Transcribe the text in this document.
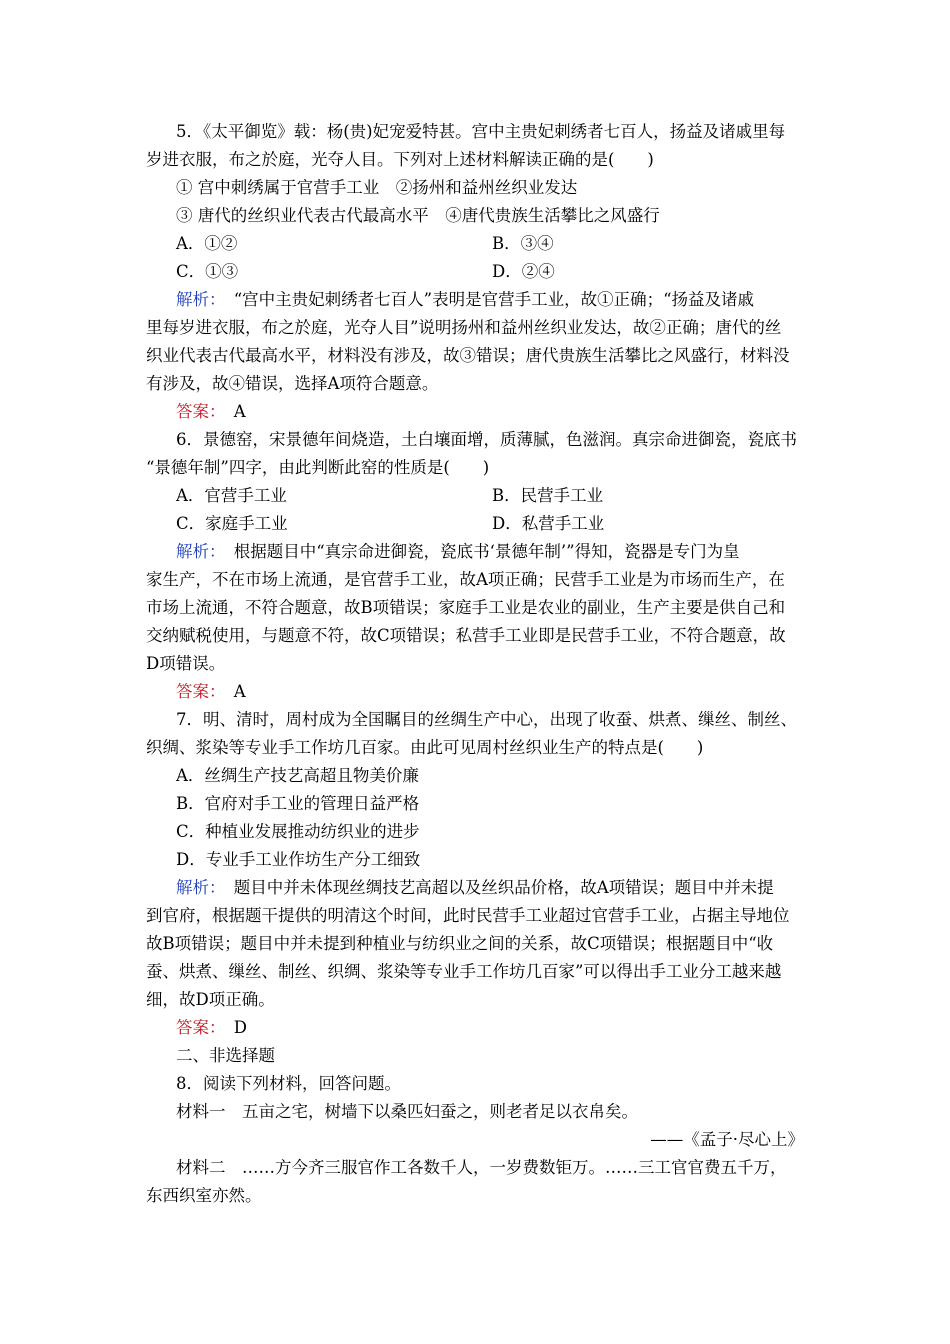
5．《太平御览》载：杨(贵)妃宠爱特甚。宫中主贵妃刺绣者七百人，扬益及诸戚里每
岁进衣服，布之於庭，光夺人目。下列对上述材料解读正确的是(　　)
① 宫中刺绣属于官营手工业　②扬州和益州丝织业发达
③ 唐代的丝织业代表古代最高水平　④唐代贵族生活攀比之风盛行
A．①②	B．③④
C．①③	D．②④
解析：　“宫中主贵妃刺绣者七百人”表明是官营手工业，故①正确；“扬益及诸戚
里每岁进衣服，布之於庭，光夺人目”说明扬州和益州丝织业发达，故②正确；唐代的丝
织业代表古代最高水平，材料没有涉及，故③错误；唐代贵族生活攀比之风盛行，材料没
有涉及，故④错误，选择A项符合题意。
答案：　A
6．景德窑，宋景德年间烧造，土白壤面增，质薄腻，色滋润。真宗命进御瓷，瓷底书
“景德年制”四字，由此判断此窑的性质是(　　)
A．官营手工业	B．民营手工业
C．家庭手工业	D．私营手工业
解析：　根据题目中“真宗命进御瓷，瓷底书‘景德年制’”得知，瓷器是专门为皇
家生产，不在市场上流通，是官营手工业，故A项正确；民营手工业是为市场而生产，在
市场上流通，不符合题意，故B项错误；家庭手工业是农业的副业，生产主要是供自己和
交纳赋税使用，与题意不符，故C项错误；私营手工业即是民营手工业，不符合题意，故
D项错误。
答案：　A
7．明、清时，周村成为全国瞩目的丝绸生产中心，出现了收蚕、烘煮、缫丝、制丝、
织绸、浆染等专业手工作坊几百家。由此可见周村丝织业生产的特点是(　　)
A．丝绸生产技艺高超且物美价廉
B．官府对手工业的管理日益严格
C．种植业发展推动纺织业的进步
D．专业手工业作坊生产分工细致
解析：　题目中并未体现丝绸技艺高超以及丝织品价格，故A项错误；题目中并未提
到官府，根据题干提供的明清这个时间，此时民营手工业超过官营手工业，占据主导地位
故B项错误；题目中并未提到种植业与纺织业之间的关系，故C项错误；根据题目中“收
蚕、烘煮、缫丝、制丝、织绸、浆染等专业手工作坊几百家”可以得出手工业分工越来越
细，故D项正确。
答案：　D
二、非选择题
8．阅读下列材料，回答问题。
材料一　五亩之宅，树墙下以桑匹妇蚕之，则老者足以衣帛矣。
——《孟子·尽心上》
材料二　……方今齐三服官作工各数千人，一岁费数钜万。……三工官官费五千万，
东西织室亦然。
